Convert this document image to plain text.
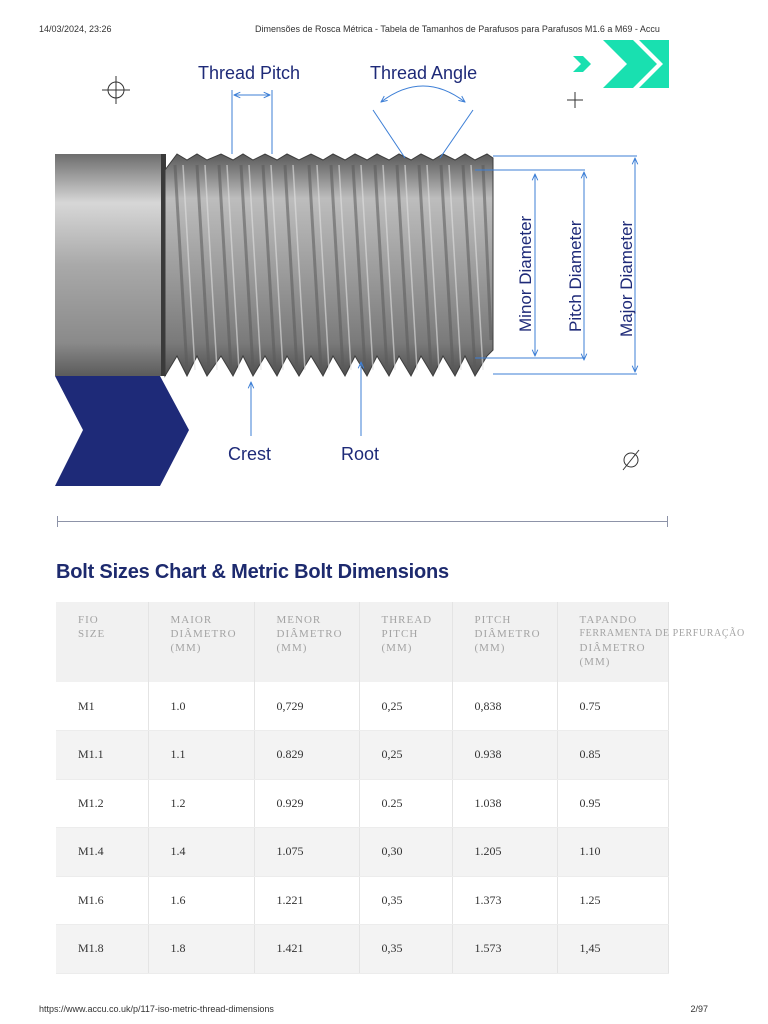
14/03/2024, 23:26	Dimensões de Rosca Métrica - Tabela de Tamanhos de Parafusos para Parafusos M1.6 a M69 - Accu
Thread Pitch	Thread Angle
Crest	Root
Minor Diameter Pitch Diameter Major Diameter
Bolt Sizes Chart & Metric Bolt Dimensions
FIO
SIZE	MAIOR
DIÂMETRO
(MM)	MENOR
DIÂMETRO
(MM)	THREAD
PITCH
(MM)	PITCH
DIÂMETRO
(MM)	TAPANDO
FERRAMENTA DE PERFURAÇÃO
DIÂMETRO
(MM)

M1	1.0	0,729	0,25	0,838	0.75
M1.1	1.1	0.829	0,25	0.938	0.85
M1.2	1.2	0.929	0.25	1.038	0.95
M1.4	1.4	1.075	0,30	1.205	1.10
M1.6	1.6	1.221	0,35	1.373	1.25
M1.8	1.8	1.421	0,35	1.573	1,45
https://www.accu.co.uk/p/117-iso-metric-thread-dimensions	2/97
